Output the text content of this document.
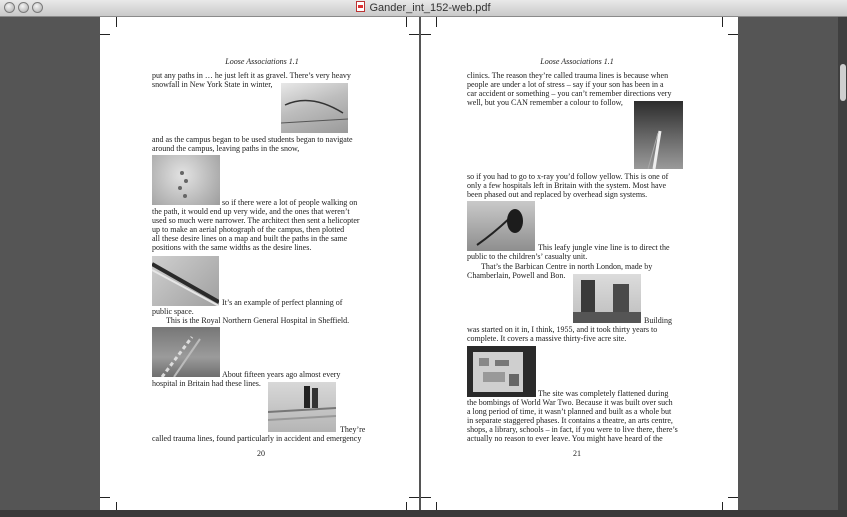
Gander_int_152-web.pdf
Loose Associations 1.1
put any paths in … he just left it as gravel. There’s very heavy
snowfall in New York State in winter,
and as the campus began to be used students began to navigate
around the campus, leaving paths in the snow,
so if there were a lot of people walking on
the path, it would end up very wide, and the ones that weren’t
used so much were narrower. The architect then sent a helicopter
up to make an aerial photograph of the campus, then plotted
all these desire lines on a map and built the paths in the same
positions with the same widths as the desire lines.
It’s an example of perfect planning of
public space.
This is the Royal Northern General Hospital in Sheffield.
About fifteen years ago almost every
hospital in Britain had these lines.
They’re
called trauma lines, found particularly in accident and emergency
20
Loose Associations 1.1
clinics. The reason they’re called trauma lines is because when
people are under a lot of stress – say if your son has been in a
car accident or something – you can’t remember directions very
well, but you CAN remember a colour to follow,
so if you had to go to x-ray you’d follow yellow. This is one of
only a few hospitals left in Britain with the system. Most have
been phased out and replaced by overhead sign systems.
This leafy jungle vine line is to direct the
public to the children’s’ casualty unit.
That’s the Barbican Centre in north London, made by
Chamberlain, Powell and Bon.
Building
was started on it in, I think, 1955, and it took thirty years to
complete. It covers a massive thirty-five acre site.
The site was completely flattened during
the bombings of World War Two. Because it was built over such
a long period of time, it wasn’t planned and built as a whole but
in separate staggered phases. It contains a theatre, an arts centre,
shops, a library, schools – in fact, if you were to live there, there’s
actually no reason to ever leave. You might have heard of the
21
